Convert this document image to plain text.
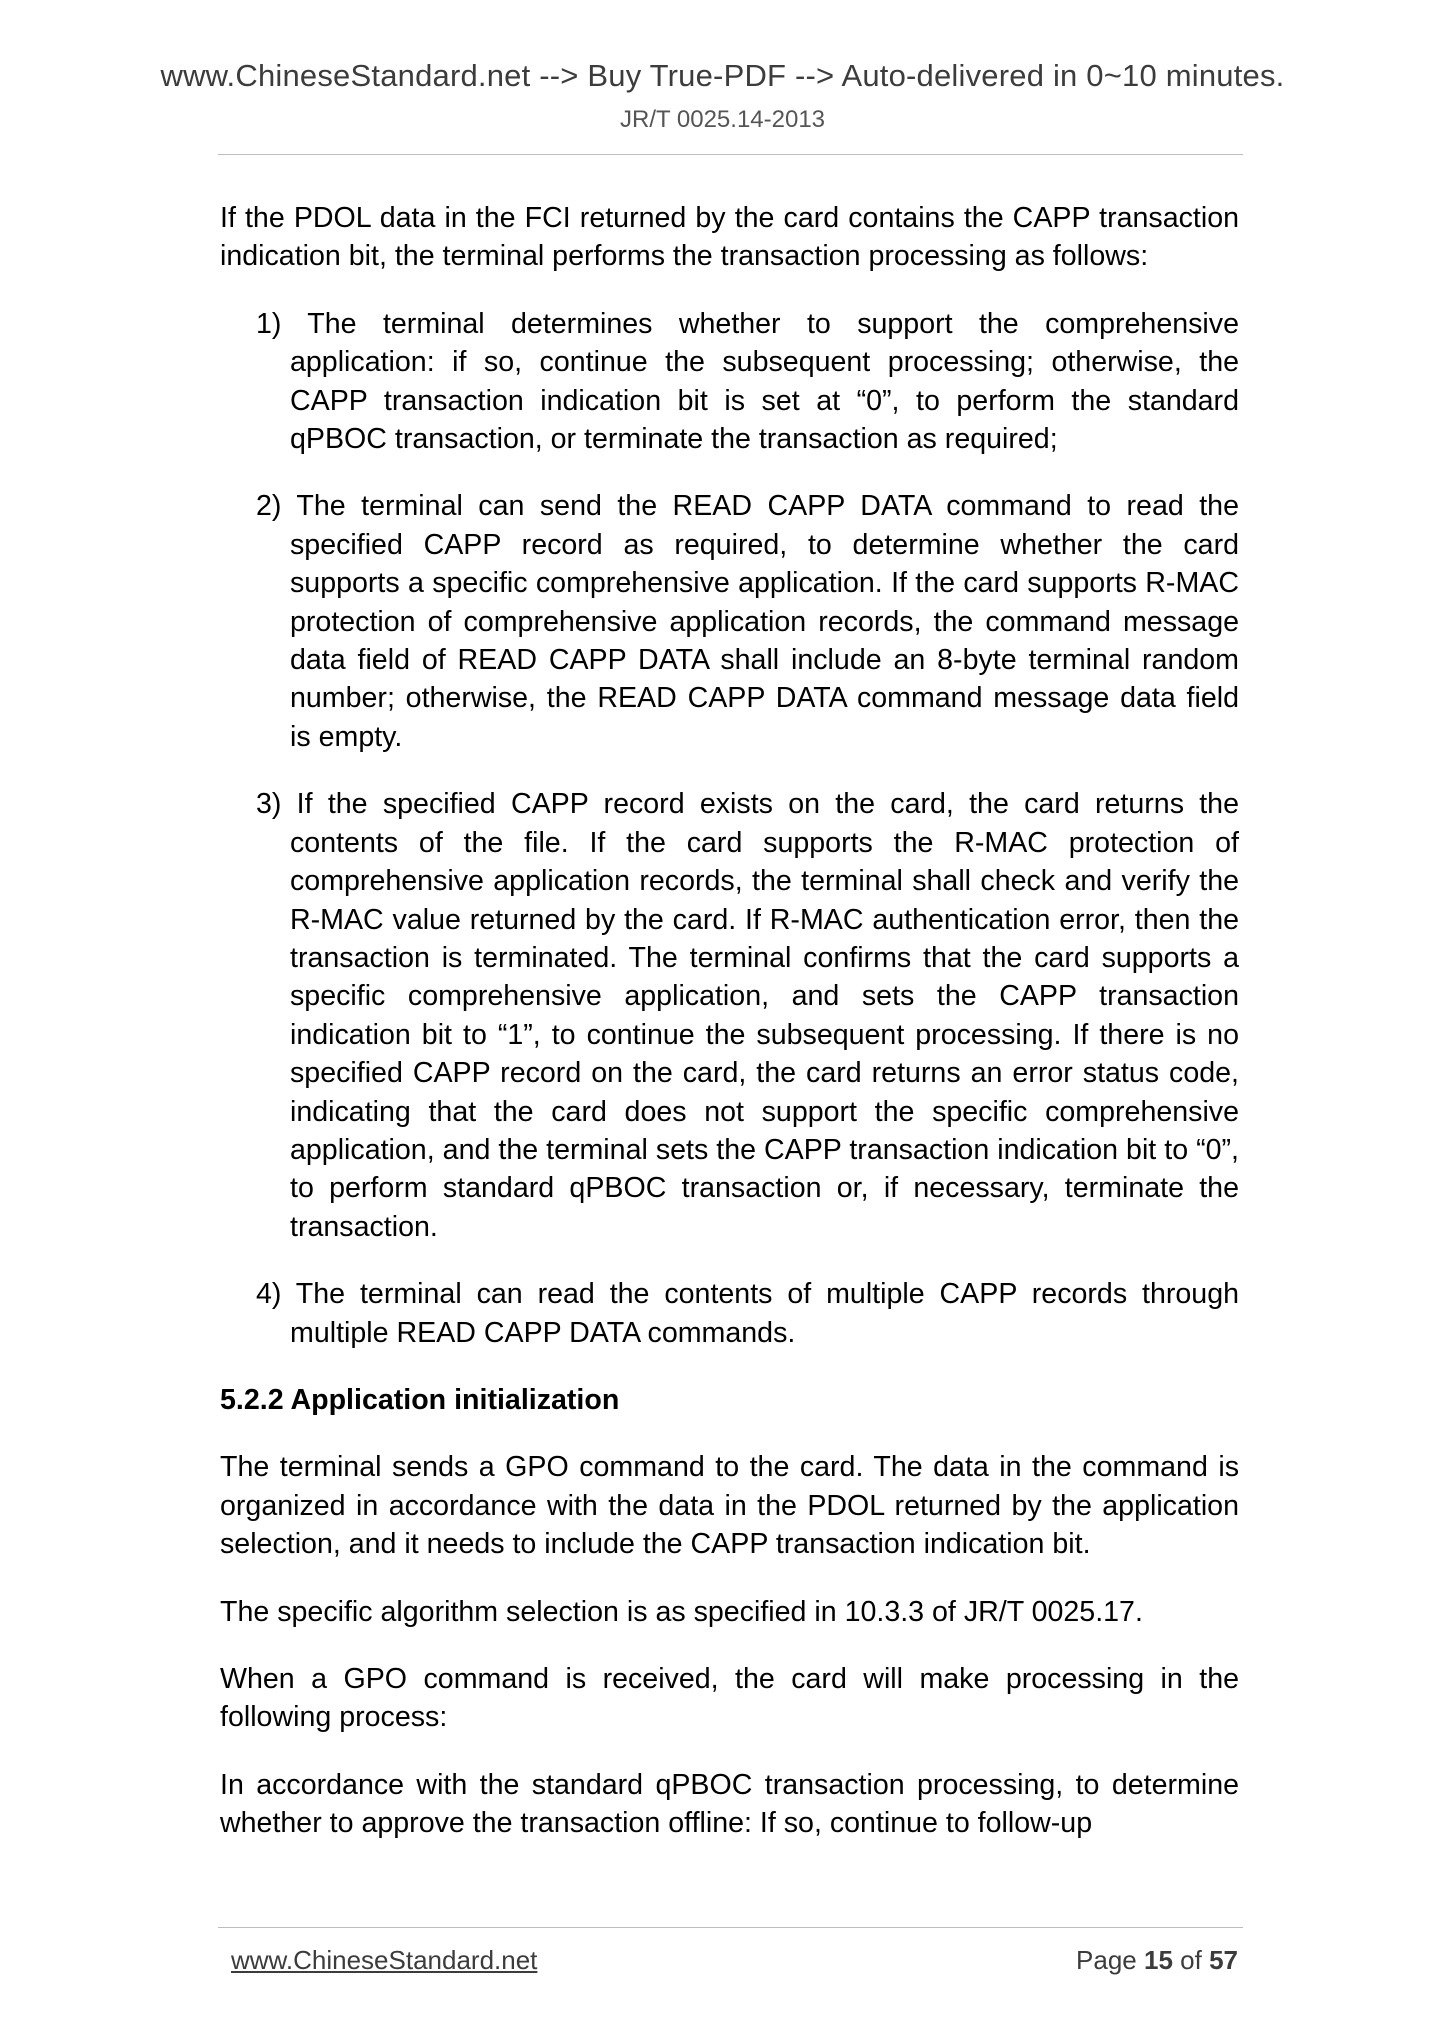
www.ChineseStandard.net --> Buy True-PDF --> Auto-delivered in 0~10 minutes.
JR/T 0025.14-2013

If the PDOL data in the FCI returned by the card contains the CAPP transaction indication bit, the terminal performs the transaction processing as follows:

1) The terminal determines whether to support the comprehensive application: if so, continue the subsequent processing; otherwise, the CAPP transaction indication bit is set at “0”, to perform the standard qPBOC transaction, or terminate the transaction as required;
2) The terminal can send the READ CAPP DATA command to read the specified CAPP record as required, to determine whether the card supports a specific comprehensive application. If the card supports R-MAC protection of comprehensive application records, the command message data field of READ CAPP DATA shall include an 8-byte terminal random number; otherwise, the READ CAPP DATA command message data field is empty.
3) If the specified CAPP record exists on the card, the card returns the contents of the file. If the card supports the R-MAC protection of comprehensive application records, the terminal shall check and verify the R-MAC value returned by the card. If R-MAC authentication error, then the transaction is terminated. The terminal confirms that the card supports a specific comprehensive application, and sets the CAPP transaction indication bit to “1”, to continue the subsequent processing. If there is no specified CAPP record on the card, the card returns an error status code, indicating that the card does not support the specific comprehensive application, and the terminal sets the CAPP transaction indication bit to “0”, to perform standard qPBOC transaction or, if necessary, terminate the transaction.
4) The terminal can read the contents of multiple CAPP records through multiple READ CAPP DATA commands.
5.2.2 Application initialization

The terminal sends a GPO command to the card. The data in the command is organized in accordance with the data in the PDOL returned by the application selection, and it needs to include the CAPP transaction indication bit.

The specific algorithm selection is as specified in 10.3.3 of JR/T 0025.17.

When a GPO command is received, the card will make processing in the following process:

In accordance with the standard qPBOC transaction processing, to determine whether to approve the transaction offline: If so, continue to follow-up

www.ChineseStandard.net	Page 15 of 57
